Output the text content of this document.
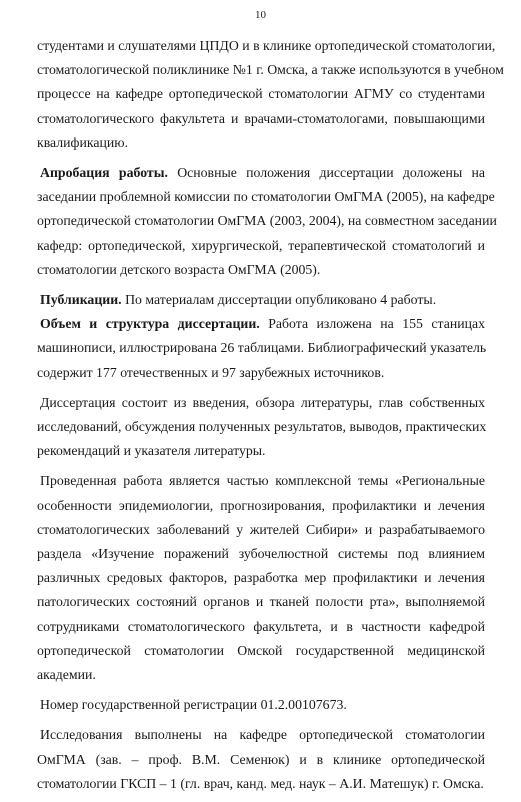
10

студентами и слушателями ЦПДО и в клинике ортопедической стоматологии,
стоматологической поликлинике №1 г. Омска, а также используются в учебном
процессе на кафедре ортопедической стоматологии АГМУ со студентами
стоматологического факультета и врачами-стоматологами, повышающими
квалификацию.

Апробация работы. Основные положения диссертации доложены на
заседании проблемной комиссии по стоматологии ОмГМА (2005), на кафедре
ортопедической стоматологии ОмГМА (2003, 2004), на совместном заседании
кафедр: ортопедической, хирургической, терапевтической стоматологий и
стоматологии детского возраста ОмГМА (2005).

Публикации. По материалам диссертации опубликовано 4 работы.

Объем и структура диссертации. Работа изложена на 155 станицах
машинописи, иллюстрирована 26 таблицами. Библиографический указатель
содержит 177 отечественных и 97 зарубежных источников.

Диссертация состоит из введения, обзора литературы, глав собственных
исследований, обсуждения полученных результатов, выводов, практических
рекомендаций и указателя литературы.

Проведенная работа является частью комплексной темы «Региональные
особенности эпидемиологии, прогнозирования, профилактики и лечения
стоматологических заболеваний у жителей Сибири» и разрабатываемого
раздела «Изучение поражений зубочелюстной системы под влиянием
различных средовых факторов, разработка мер профилактики и лечения
патологических состояний органов и тканей полости рта», выполняемой
сотрудниками стоматологического факультета, и в частности кафедрой
ортопедической стоматологии Омской государственной медицинской
академии.

Номер государственной регистрации 01.2.00107673.

Исследования выполнены на кафедре ортопедической стоматологии
ОмГМА (зав. – проф. В.М. Семенюк) и в клинике ортопедической
стоматологии ГКСП – 1 (гл. врач, канд. мед. наук – А.И. Матешук) г. Омска.
